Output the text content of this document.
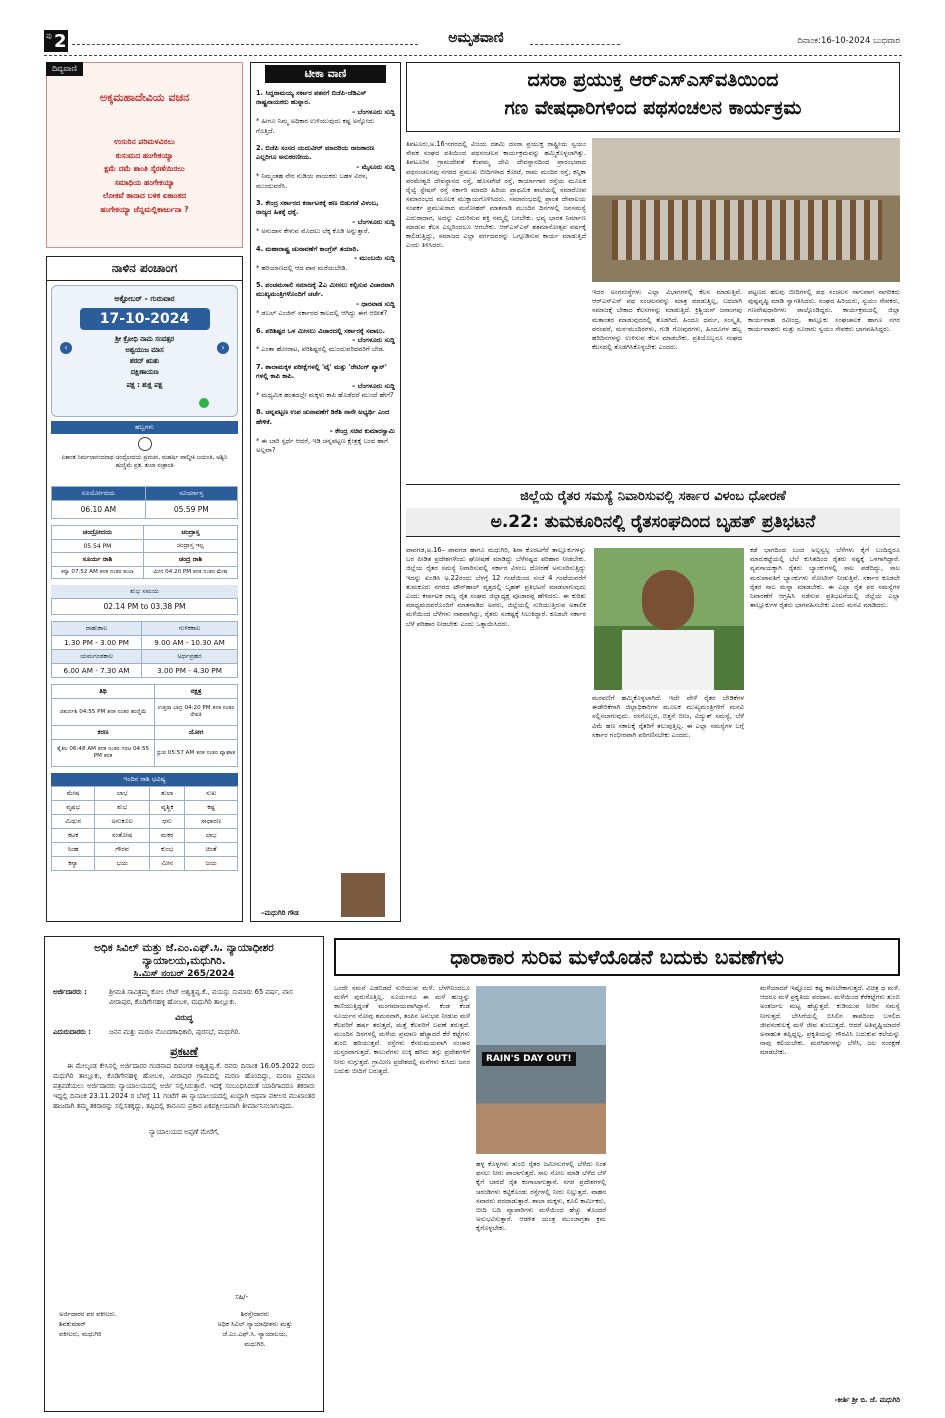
ಪು 2	ಅಮೃತವಾಣಿ	ದಿನಾಂಕ:16-10-2024 ಬುಧವಾರ
ದಿವ್ಯವಾಣಿ
ಅಕ್ಕಮಹಾದೇವಿಯ ವಚನ
ಉಸುರಿನ ಪರಿಮಳವಿರಲು
ಕುಸುಮದ ಹಂಗೇಕಯ್ಯಾ
ಕ್ಷಮೆ ದಮೆ ಶಾಂತಿ ಸೈರಣೆಯಿರಲು
ಸಮಾಧಿಯ ಹಂಗೇಕಯ್ಯಾ
ಲೋಕವೆ ತಾನಾದ ಬಳಿಕ ಏಕಾಂತದ
ಹಂಗೇಕಯ್ಯಾ ಚೆನ್ನಮಲ್ಲಿಕಾರ್ಜುನಾ ?
ನಾಳಿನ ಪಂಚಾಂಗ
ಅಕ್ಟೋಬರ್ - ಗುರುವಾರ
17-10-2024
‹	›
ಶ್ರೀ ಕ್ರೋಧಿ ನಾಮ ಸಂವತ್ಸರ
ಅಶ್ವಯುಜ ಮಾಸ
ಶರದ್ ಋತು
ದಕ್ಷಿಣಾಯಣ
ಪಕ್ಷ : ಶುಕ್ಲ ಪಕ್ಷ
ಹಬ್ಬಗಳು
ಏಕಾಂತ ನಿರ್ಮಲಾನಂದನಾಥ ಚಂದ್ರೋದಯ ಪ್ರವಚನ, ಮಹರ್ಷಿ ವಾಲ್ಮೀಕಿ ಜಯಂತಿ, ಅಶ್ವಿನಿ ಹುಣ್ಣಿಮೆ ವ್ರತ, ತುಲಾ ಸಂಕ್ರಾಂತಿ
ಸೂರ್ಯೋದಯ	ಸೂರ್ಯಾಸ್ತ
06.10 AM	05.59 PM
ಚಂದ್ರೋದಯ	ಚಂದ್ರಾಸ್ತ
05.54 PM	ಚಂದ್ರಾಸ್ತ ಇಲ್ಲ
ಸೂರ್ಯ ರಾಶಿ	ಚಂದ್ರ ರಾಶಿ
ಕನ್ಯಾ 07.52 AM ತನಕ ನಂತರ ತುಲಾ	ಮೀನ 04.20 PM ತನಕ ನಂತರ ಮೇಷ
ಶುಭ ಸಮಯ
02.14 PM to 03.38 PM
ರಾಹುಕಾಲ	ಗುಳಿಕಕಾಲ
1.30 PM - 3.00 PM	9.00 AM - 10.30 AM
ಯಮಗಂಡಕಾಲ	ಅರ್ಧಪ್ರಹರ
6.00 AM - 7.30 AM	3.00 PM - 4.30 PM
ತಿಥಿ	ನಕ್ಷತ್ರ
ಚತುರ್ದಶಿ 04:55 PM ತನಕ ನಂತರ ಹುಣ್ಣಿಮೆ	ಉತ್ತರಾ ಭಾದ್ರ 04:20 PM ತನಕ ನಂತರ ರೇವತಿ
ಕರಣ	ಯೋಗ
ತೈತಿಲ 06:48 AM ತನಕ ನಂತರ ಗರಜ 04:55 PM ತನಕ	ಧ್ರುವ 05:57 AM ತನಕ ನಂತರ ವ್ಯಾಘಾತ
ಇಂದಿನ ರಾಶಿ ಭವಿಷ್ಯ
ಮೇಷ	ಲಾಭ	ತುಲಾ	ಸುಖ
ವೃಷಭ	ಶುಭ	ವೃಶ್ಚಿಕ	ಕಷ್ಟ
ಮಿಥುನ	ಅನುಕೂಲ	ಧನು	ಸಾಧಾರಣ
ಕಟಕ	ಸಂತೋಷ	ಮಕರ	ಲಾಭ
ಸಿಂಹ	ಗೌರವ	ಕುಂಭ	ಚಿಂತೆ
ಕನ್ಯಾ	ಭಯ	ಮೀನ	ಜಯ
ಟೀಕಾ ವಾಣಿ
1. ಸಿದ್ದರಾಮಯ್ಯ ಸರ್ಕಾರ ಪತನಗೆ ಬಿಜೆಪಿ-ಜೆಡಿಎಸ್ ರಾಷ್ಟ್ರನಾಯಕರು ಹುನ್ನಾರ.
– ಬೆಂಗಳೂರು ಸುದ್ದಿ
* ಹೀಗೂ ನಿಮ್ಮ ಅಧಿಕಾರ ಉಳಿಯುವುದು ಕಷ್ಟ ಅನ್ನೋದು ಗೊತ್ತಿದೆ.
2. ಬಿಜೆಪಿ ಸಂಸದ ಯದುವೀರ್ ಮಾದರಿಯ ರಾಜಕಾರಣ ಎಲ್ಲರಿಗೂ ಅನುಕರಣೀಯ.
– ಮೈಸೂರು ಸುದ್ದಿ
* ನಿಮ್ಮಂತಹ ನೇರ ನುಡಿಯ ನಾಯಕರು ಬಹಳ ವಿರಳ, ಮುಂದುವರೆಸಿ.
3. ಕೇಂದ್ರ ಸರ್ಕಾರದ ಕರ್ನಾಟಕಕ್ಕೆ ಹಣ ಬಿಡುಗಡೆ ವಿಳಂಬ, ರಾಜ್ಯದ ಹಿತಕ್ಕೆ ಧಕ್ಕೆ.
– ಬೆಂಗಳೂರು ಸುದ್ದಿ
* ಅನುದಾನ ಕೇಳುವ ಮೊದಲು ಲೆಕ್ಕ ಕೊಡಿ ಅನ್ನುತ್ತಾರೆ.
4. ಮಹಾರಾಷ್ಟ್ರ ಚುನಾವಣೆಗೆ ಕಾಂಗ್ರೆಸ್ ತಯಾರಿ.
– ಮುಂಬಯಿ ಸುದ್ದಿ
* ಹರಿಯಾಣದಲ್ಲಿ ಆದ ಪಾಠ ಮರೆಯಬೇಡಿ.
5. ಪಂಚಮಸಾಲಿ ಸಮಾಜಕ್ಕೆ 2ಎ ಮೀಸಲು ಕಲ್ಪಿಸುವ ವಿಚಾರವಾಗಿ ಮುಖ್ಯಮಂತ್ರಿಗಳೊಂದಿಗೆ ಚರ್ಚೆ.
– ಧಾರವಾಡ ಸುದ್ದಿ
* ಡಬಲ್ ಎಂಜಿನ್ ಸರ್ಕಾರದ ಕಾಲದಲ್ಲಿ ಆಗಿದ್ದು ಈಗ ಆದೀತೆ?
6. ಪರಿಶಿಷ್ಟರ ಒಳ ಮೀಸಲು ವಿಚಾರದಲ್ಲಿ ಸರ್ಕಾರಕ್ಕೆ ಸವಾಲು.
– ಬೆಂಗಳೂರು ಸುದ್ದಿ
* ಎಂತಾ ಹೋರಾಟ, ಪರಿಶಿಷ್ಟರಲ್ಲಿ ಮುಂದುವರಿದವರಿಗೆ ಬೇಡ.
7. ಶಾಲಾಮಕ್ಕಳ ಪರೀಕ್ಷೆಗಳಲ್ಲಿ 'ಟೈ' ಮತ್ತು 'ರೇಟಿಂಗ್ ಪ್ಯಾನ್' ಗಳಲ್ಲಿ ಕಾಪಿ ಕಾಪಿ.
– ಬೆಂಗಳೂರು ಸುದ್ದಿ
* ಮಧ್ಯಮಿಕ ಹಂತದಲ್ಲೇ ಮಕ್ಕಳು ಕಾಪಿ ಹೊಡೆದರೆ ಮುಂದೆ ಹೇಗೆ?
8. ಚನ್ನಪಟ್ಟಣ ಉಪ ಚುನಾವಣೆಗೆ ಡಿಕೆಶಿ ನಾನೇ ಅಭ್ಯರ್ಥಿ ಎಂದ ಹೇಳಿಕೆ.
– ಕೇಂದ್ರ ಸಚಿವ ಕುಮಾರಸ್ವಾಮಿ
* ಈ ಬಾರಿ ಸ್ಪರ್ಧೆ ಆದರೆ, ಇಡಿ ಚನ್ನಪಟ್ಟಣ ಕ್ಷೇತ್ರಕ್ಕೆ ಬಂದ ಹಾಗೆ ಅಲ್ಲವಾ?
–ಮಧುಗಿರಿ ಗೌಡ
ದಸರಾ ಪ್ರಯುಕ್ತ ಆರ್‌ಎಸ್‌ಎಸ್‌ವತಿಯಿಂದ
ಗಣ ವೇಷಧಾರಿಗಳಿಂದ ಪಥಸಂಚಲನ ಕಾರ್ಯಕ್ರಮ
ತಿಪಟೂರು,ಅ.16-ನಗರದಲ್ಲಿ ವಿಜಯ ದಶಮಿ ದಸರಾ ಪ್ರಯುಕ್ತ ರಾಷ್ಟ್ರೀಯ ಸ್ವಯಂ ಸೇವಕ ಸಂಘದ ವತಿಯಿಂದ ಪಥಸಂಚಲನ ಕಾರ್ಯಕ್ರಮವನ್ನು ಹಮ್ಮಿಕೊಳ್ಳಲಾಗಿತ್ತು. ತಿಪಟೂರಿನ ಗ್ರಾಮದೇವತೆ ಕೆಂಪಮ್ಮ ದೇವಿ ದೇವಸ್ಥಾನದಿಂದ ಪ್ರಾರಂಭವಾದ ಪಥಸಂಚಲನವು ನಗರದ ಪ್ರಮುಖ ಬೀದಿಗಳಾದ ಕೋಟೆ, ರಾಮ ಮಂದಿರ ರಸ್ತೆ, ಕನ್ನಿಕಾ ಪರಮೇಶ್ವರಿ ದೇವಸ್ಥಾನದ ರಸ್ತೆ, ಹೊಸಪೇಟೆ ರಸ್ತೆ, ಕಾರ್ಯಾಗಾರ ರಸ್ತೆಯ ಮೂಲಕ ರೈಲ್ವೆ ಸ್ಟೇಷನ್ ರಸ್ತೆ ಸರ್ಕಾರಿ ಮಾದರಿ ಹಿರಿಯ ಪ್ರಾಥಮಿಕ ಶಾಲೆಯಲ್ಲಿ ಸಮಾರೋಪ ಸಮಾರಂಭದ ಮೂಲಕ ಮುಕ್ತಾಯಗೊಳಿಸಿದರು. ಸಮಾರಂಭದಲ್ಲಿ ಪ್ರಾಂತ ದೇವಾಲಯ ಸಂಪರ್ಕ ಪ್ರಮುಖರಾದ ಮನೋಹರ್ ಮಾತನಾಡಿ ಮುಂದಿನ ದಿನಗಳಲ್ಲಿ ಜನಸಮಸ್ಯೆ ಎದುರಾದಾಗ, ಅದನ್ನು ಎದುರಿಸುವ ಶಕ್ತಿ ನಮ್ಮಲ್ಲಿ ಬರಬೇಕು. ಭವ್ಯ ಭಾರತ ನಿರ್ಮಾಣ ಮಾಡುವ ಕೆಲಸ ಎಲ್ಲರಿಂದಲೂ ಆಗಬೇಕು. ಆರ್‌ಎಸ್‌ಎಸ್ ಶತಮಾನೋತ್ಸವ ವರ್ಷಕ್ಕೆ ಕಾಲಿಡುತ್ತಿದ್ದು, ಸಮಾಜದ ಎಲ್ಲಾ ವರ್ಗದವರನ್ನು ಒಗ್ಗೂಡಿಸುವ ಕಾರ್ಯ ಮಾಡುತ್ತಿದೆ ಎಂದು ತಿಳಿಸಿದರು.
ಇದರ ಅಂಗಸಂಸ್ಥೆಗಳು ಎಲ್ಲಾ ವಿಭಾಗಗಳಲ್ಲಿ ಕೆಲಸ ಮಾಡುತ್ತಿವೆ. ಆರ್‌ಎಸ್‌ಎಸ್ ಪಥ ಸಂಚಲನವನ್ನು ಮಾತ್ರ ಮಾಡುತ್ತಿಲ್ಲ, ಬದಲಾಗಿ ಸಮಾಜಕ್ಕೆ ಬೇಕಾದ ಕೆಲಸಗಳನ್ನು ಮಾಡುತ್ತಿದೆ. ಕ್ರಿಶ್ಚಿಯನ್ ಜನಾಂಗವು ಮತಾಂತರ ಮಾಡುವುದರಲ್ಲಿ ತೊಡಗಿದೆ. ಹಿಂದೂ ಧರ್ಮ, ಸಂಸ್ಕೃತಿ, ಪರಂಪರೆ, ಮಠ-ಮಂದಿರಗಳು, ಗುಡಿ ಗೋಪುರಗಳು, ಹಿಂದೂಗಳ ಹಬ್ಬ ಹರಿದಿನಗಳನ್ನು ಉಳಿಸುವ ಕೆಲಸ ಮಾಡಬೇಕು. ಪ್ರತಿಯೊಬ್ಬರೂ ಸಂಘದ ಕೆಲಸದಲ್ಲಿ ತೊಡಗಿಸಿಕೊಳ್ಳಬೇಕು ಎಂದರು.
ಪಟ್ಟಣದ ಹಲವು ಬೀದಿಗಳಲ್ಲಿ ಪಥ ಸಂಚಲನ ಸಾಗುವಾಗ ನಾಗರಿಕರು ಪುಷ್ಪವೃಷ್ಟಿ ಮಾಡಿ ಸ್ವಾಗತಿಸಿದರು. ಸಂಘದ ಹಿರಿಯರು, ಸ್ವಯಂ ಸೇವಕರು, ಗಣವೇಷಧಾರಿಗಳು ಪಾಲ್ಗೊಂಡಿದ್ದರು. ಕಾರ್ಯಕ್ರಮದಲ್ಲಿ ಜಿಲ್ಲಾ ಕಾರ್ಯವಾಹ ರವೀಂದ್ರ, ತಾಲ್ಲೂಕು ಸಂಘಚಾಲಕ ಹಾಗೂ ನಗರ ಕಾರ್ಯವಾಹರು ಮತ್ತು ನೂರಾರು ಸ್ವಯಂ ಸೇವಕರು ಭಾಗವಹಿಸಿದ್ದರು.
ಜಿಲ್ಲೆಯ ರೈತರ ಸಮಸ್ಯೆ ನಿವಾರಿಸುವಲ್ಲಿ ಸರ್ಕಾರ ವಿಳಂಬ ಧೋರಣೆ
ಅ.22: ತುಮಕೂರಿನಲ್ಲಿ ರೈತಸಂಘದಿಂದ ಬೃಹತ್ ಪ್ರತಿಭಟನೆ
ಪಾವಗಡ,ಅ.16– ಪಾವಗಡ ಹಾಗೂ ಮಧುಗಿರಿ, ಶಿರಾ ಕೊರಟಗೆರೆ ತಾಲ್ಲೂಕುಗಳನ್ನು ಬರ ಪೀಡಿತ ಪ್ರದೇಶಗಳೆಂದು ಘೋಷಣೆ ಮಾಡಿದ್ದು ಬೆಳೆನಷ್ಟದ ಪರಿಹಾರ ನೀಡಬೇಕು. ಜಿಲ್ಲೆಯ ರೈತರ ಸಮಸ್ಯೆ ನಿವಾರಿಸುವಲ್ಲಿ ಸರ್ಕಾರ ವಿಳಂಬ ಧೋರಣೆ ಅನುಸರಿಸುತ್ತಿದ್ದು ಇದನ್ನು ಖಂಡಿಸಿ ಅ.22ರಂದು ಬೆಳಗ್ಗೆ 12 ಗಂಟೆಯಿಂದ ಸಂಜೆ 4 ಗಂಟೆಯವರೆಗೆ ತುಮಕೂರು ನಗರದ ಟೌನ್‌ಹಾಲ್ ವೃತ್ತದಲ್ಲಿ ಬೃಹತ್ ಪ್ರತಿಭಟನೆ ಮಾಡಲಾಗುವುದು ಎಂದು ಕರ್ನಾಟಕ ರಾಜ್ಯ ರೈತ ಸಂಘದ ಜಿಲ್ಲಾಧ್ಯಕ್ಷ ಪೂಜಾರಪ್ಪ ಹೇಳಿದರು. ಈ ಕುರಿತು ಮಾಧ್ಯಮದವರೊಂದಿಗೆ ಮಾತನಾಡಿದ ಅವರು, ಜಿಲ್ಲೆಯಲ್ಲಿ ಸುರಿಯುತ್ತಿರುವ ಅಕಾಲಿಕ ಮಳೆಯಿಂದ ಬೆಳೆಗಳು ನಾಶವಾಗಿದ್ದು, ರೈತರು ಸಂಕಷ್ಟಕ್ಕೆ ಸಿಲುಕಿದ್ದಾರೆ. ಕೂಡಲೇ ಸರ್ಕಾರ ಬೆಳೆ ಪರಿಹಾರ ನೀಡಬೇಕು ಎಂದು ಒತ್ತಾಯಿಸಿದರು.
ಮರವಣಿಗೆ ಹಮ್ಮಿಕೊಳ್ಳಲಾಗಿದೆ. ಇದೇ ವೇಳೆ ರೈತರ ಬೇಡಿಕೆಗಳ ಈಡೇರಿಕೆಗಾಗಿ ಜಿಲ್ಲಾಧಿಕಾರಿಗಳ ಮೂಲಕ ಮುಖ್ಯಮಂತ್ರಿಗಳಿಗೆ ಮನವಿ ಸಲ್ಲಿಸಲಾಗುವುದು. ರಸಗೊಬ್ಬರ, ಬಿತ್ತನೆ ಬೀಜ, ವಿದ್ಯುತ್ ಸಮಸ್ಯೆ, ಬೆಳೆ ವಿಮೆ ಹಣ ಸಕಾಲಕ್ಕೆ ರೈತರಿಗೆ ತಲುಪುತ್ತಿಲ್ಲ. ಈ ಎಲ್ಲಾ ಸಮಸ್ಯೆಗಳ ಬಗ್ಗೆ ಸರ್ಕಾರ ಗಂಭೀರವಾಗಿ ಪರಿಗಣಿಸಬೇಕು ಎಂದರು.
ಕಡೆ ಭಾಗದಿಂದ ಬಂದ ಅಲ್ಪಸ್ವಲ್ಪ ಬೆಳೆಗಳು ಕೈಗೆ ಬಂದಿದ್ದರೂ ಮಾರುಕಟ್ಟೆಯಲ್ಲಿ ಬೆಲೆ ಕುಸಿತದಿಂದ ರೈತರು ನಷ್ಟಕ್ಕೆ ಒಳಗಾಗಿದ್ದಾರೆ. ವ್ಯವಸಾಯಕ್ಕಾಗಿ ರೈತರು ಬ್ಯಾಂಕುಗಳಲ್ಲಿ ಸಾಲ ಪಡೆದಿದ್ದು, ಸಾಲ ಮರುಪಾವತಿಗೆ ಬ್ಯಾಂಕುಗಳು ನೋಟೀಸ್ ನೀಡುತ್ತಿವೆ. ಸರ್ಕಾರ ಕೂಡಲೇ ರೈತರ ಸಾಲ ಮನ್ನಾ ಮಾಡಬೇಕು. ಈ ಎಲ್ಲಾ ರೈತ ಪರ ಸಮಸ್ಯೆಗಳ ನಿವಾರಣೆಗೆ ಆಗ್ರಹಿಸಿ ನಡೆಸುವ ಪ್ರತಿಭಟನೆಯಲ್ಲಿ ಜಿಲ್ಲೆಯ ಎಲ್ಲಾ ತಾಲ್ಲೂಕುಗಳ ರೈತರು ಭಾಗವಹಿಸಬೇಕು ಎಂದು ಮನವಿ ಮಾಡಿದರು.
ಅಧಿಕ ಸಿವಿಲ್ ಮತ್ತು ಜೆ.ಎಂ.ಎಫ್.ಸಿ. ನ್ಯಾಯಾಧೀಶರ
ನ್ಯಾಯಾಲಯ,ಮಧುಗಿರಿ.
ಸಿ.ಮಿಸ್ ನಂಬರ್ 265/2024
ಅರ್ಜಿದಾರರು :	ಶ್ರೀಮತಿ ಸಾವಿತ್ರಮ್ಮ ಕೋಂ ಲೇಟ್ ಅಶ್ವತ್ಥಪ್ಪ.ಕೆ., ವಯಸ್ಸು ಸುಮಾರು 65 ವರ್ಷ, ವಾಸ ವೀರಾಪುರ, ಕೊಡಿಗೇನಹಳ್ಳಿ ಹೋಬಳಿ, ಮಧುಗಿರಿ ತಾಲ್ಲೂಕು.
ವಿರುದ್ಧ
ಎದುರುದಾರರು :	ಜನನ ಮತ್ತು ಮರಣ ನೊಂದಣಾಧಿಕಾರಿ, ಪುರಸಭೆ, ಮಧುಗಿರಿ.
ಪ್ರಕಟಣೆ
ಈ ಮೇಲ್ಕಂಡ ಕೇಸಿನಲ್ಲಿ ಅರ್ಜಿದಾರರ ಗಂಡನಾದ ದಿವಂಗತ ಅಶ್ವತ್ಥಪ್ಪ.ಕೆ. ರವರು ದಿನಾಂಕ 16.05.2022 ರಂದು ಮಧುಗಿರಿ ತಾಲ್ಲೂಕು, ಕೊಡಿಗೇನಹಳ್ಳಿ ಹೋಬಳಿ, ವೀರಾಪುರ ಗ್ರಾಮದಲ್ಲಿ ಮರಣ ಹೊಂದಿದ್ದು, ಮರಣ ಪ್ರಮಾಣ ಪತ್ರಪಡೆಯಲು ಅರ್ಜಿದಾರರು ನ್ಯಾಯಾಲಯದಲ್ಲಿ ಅರ್ಜಿ ಸಲ್ಲಿಸಿರುತ್ತಾರೆ. ಇದಕ್ಕೆ ಸಂಬಂಧಿಸಿದಂತೆ ಯಾರಿಗಾದರೂ ತಕರಾರು ಇದ್ದಲ್ಲಿ ದಿನಾಂಕ 23.11.2024 ರ ಬೆಳಗ್ಗೆ 11 ಗಂಟೆಗೆ ಈ ನ್ಯಾಯಾಲಯದಲ್ಲಿ ಖುದ್ದಾಗಿ ಅಥವಾ ವಕೀಲರ ಮುಖಾಂತರ ಹಾಜರಾಗಿ ತಮ್ಮ ತಕರಾರನ್ನು ಸಲ್ಲಿಸತಕ್ಕದ್ದು, ತಪ್ಪಿದಲ್ಲಿ ಕಾನೂನು ಪ್ರಕಾರ ಏಕಪಕ್ಷೀಯವಾಗಿ ತೀರ್ಮಾನಿಸಲಾಗುವುದು.
ನ್ಯಾಯಾಲಯದ ಅಪ್ಪಣೆ ಮೇರೆಗೆ,
ಸಹಿ/-
ಅರ್ಜಿದಾರರ ಪರ ವಕೀಲರು.
ಶಿವಕುಮಾರ್
ವಕೀಲರು, ಮಧುಗಿರಿ
ಶಿರಸ್ತೇದಾರರು
ಅಧಿಕ ಸಿವಿಲ್ ನ್ಯಾಯಾಧೀಶರು ಮತ್ತು
ಜೆ.ಎಂ.ಎಫ್.ಸಿ. ನ್ಯಾಯಾಲಯ,
ಮಧುಗಿರಿ.
ಧಾರಾಕಾರ ಸುರಿವ ಮಳೆಯೊಡನೆ ಬದುಕು ಬವಣೆಗಳು
ಒಂದೇ ಸಮನೆ ಎಡಬಿಡದೆ ಸುರಿಯುವ ಮಳೆ. ಬೆಳಗಿನಿಂದಲೂ ಮಳೆಗೆ ಪುರುಸೊತ್ತಿಲ್ಲ. ಸೂರ್ಯನೂ ಈ ಮಳೆ ಹುಚ್ಚನ್ನು ಕಾಣಿಯುತ್ತಿದ್ದಂತೆ ಮಂಗಮಾಯವಾಗಿದ್ದಾನೆ. ಕೆಂಡ ಕೆಂಡ ಸೂರ್ಯನ ನೋವು ಶಮನವಾಗಿ, ತಂಪಿನ ಅನುಭವ ನೀಡುವ ಮಳೆ ಕೆಲವರಿಗೆ ಹರ್ಷ ತರುತ್ತದೆ, ಮತ್ತೆ ಕೆಲವರಿಗೆ ಬವಣೆ ತರುತ್ತದೆ. ಮುಂದಿನ ದಿನಗಳಲ್ಲಿ ಮಳೆಯ ಪ್ರಮಾಣ ಹೆಚ್ಚಾದರೆ ಕೆರೆ ಕಟ್ಟೆಗಳು ತುಂಬಿ ಹರಿಯುತ್ತವೆ. ರಸ್ತೆಗಳು ಕೆಸರುಮಯವಾಗಿ ಸಂಚಾರ ದುಸ್ತರವಾಗುತ್ತದೆ. ಕಾಲುವೆಗಳು ಉಕ್ಕಿ ಹರಿದು ತಗ್ಗು ಪ್ರದೇಶಗಳಿಗೆ ನೀರು ನುಗ್ಗುತ್ತದೆ. ಗ್ರಾಮೀಣ ಪ್ರದೇಶದಲ್ಲಿ ಮನೆಗಳು ಕುಸಿದು ಜನರ ಬದುಕು ಬೀದಿಗೆ ಬರುತ್ತದೆ.
RAIN'S DAY OUT!
ಹಳ್ಳ ಕೊಳ್ಳಗಳು ತುಂಬಿ ರೈತರ ಜಮೀನುಗಳಲ್ಲಿ ಬೆಳೆದು ನಿಂತ ಫಸಲು ನೀರು ಪಾಲಾಗುತ್ತದೆ. ಸಾಲ ಸೋಲ ಮಾಡಿ ಬೆಳೆದ ಬೆಳೆ ಕೈಗೆ ಬಾರದೆ ರೈತ ಕಂಗಾಲಾಗುತ್ತಾನೆ. ನಗರ ಪ್ರದೇಶಗಳಲ್ಲಿ ಚರಂಡಿಗಳು ಕಟ್ಟಿಕೊಂಡು ರಸ್ತೆಗಳಲ್ಲಿ ನೀರು ನಿಲ್ಲುತ್ತದೆ. ವಾಹನ ಸವಾರರು ಪರದಾಡುತ್ತಾರೆ. ಶಾಲಾ ಮಕ್ಕಳು, ಕೂಲಿ ಕಾರ್ಮಿಕರು, ಬೀದಿ ಬದಿ ವ್ಯಾಪಾರಿಗಳು ಮಳೆಯಿಂದ ಹೆಚ್ಚು ತೊಂದರೆ ಅನುಭವಿಸುತ್ತಾರೆ. ಆಡಳಿತ ಯಂತ್ರ ಮುಂಜಾಗ್ರತಾ ಕ್ರಮ ಕೈಗೊಳ್ಳಬೇಕು.
ಮಳೆಯಾದರೆ ಇಷ್ಟೊಂದು ಕಷ್ಟ ಕಾಣಬೇಕಾಗುತ್ತದೆ. ವಿಚಿತ್ರ ಧ ಮಳೆ. ಆದರೂ ಮಳೆ ಪ್ರಕೃತಿಯ ವರದಾನ. ಮಳೆಯಿಂದ ಕೆರೆಕಟ್ಟೆಗಳು ತುಂಬಿ ಅಂತರ್ಜಲ ಮಟ್ಟ ಹೆಚ್ಚುತ್ತದೆ. ಕುಡಿಯುವ ನೀರಿನ ಸಮಸ್ಯೆ ನೀಗುತ್ತದೆ. ಬೇಸಿಗೆಯಲ್ಲಿ ಬಿಸಿಲಿನ ತಾಪದಿಂದ ಬಳಲಿದ ಜೀವಸಂಕುಲಕ್ಕೆ ಮಳೆ ಜೀವ ತುಂಬುತ್ತದೆ. ಆದರೆ ಅತಿವೃಷ್ಟಿಯಾದರೆ ಅನಾಹುತ ತಪ್ಪಿದ್ದಲ್ಲ. ಪ್ರಕೃತಿಯನ್ನು ಗೌರವಿಸಿ ಬದುಕುವ ಕಲೆಯನ್ನು ನಾವು ಕಲಿಯಬೇಕು. ಮರಗಿಡಗಳನ್ನು ಬೆಳೆಸಿ, ಜಲ ಸಂರಕ್ಷಣೆ ಮಾಡಬೇಕು.
-ಕೀರ್ತಿ ಶ್ರೀ ಬಿ. ಜೆ. ಮಧುಗಿರಿ
